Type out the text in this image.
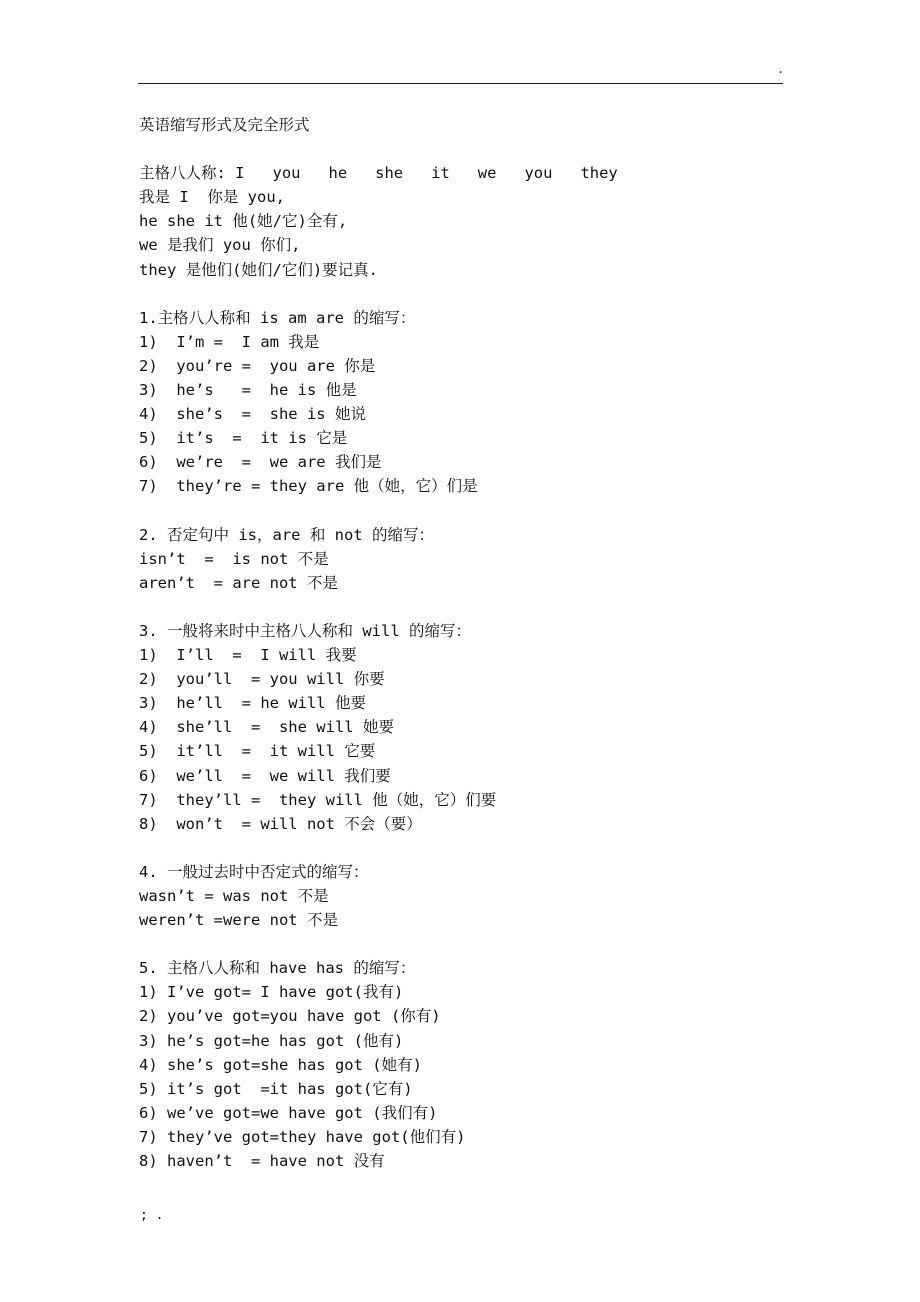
.
英语缩写形式及完全形式
主格八人称: I   you   he   she   it   we   you   they
我是 I  你是 you,
he she it 他(她/它)全有,
we 是我们 you 你们,
they 是他们(她们/它们)要记真.
1.主格八人称和 is am are 的缩写：
1)  I’m =  I am 我是
2)  you’re =  you are 你是
3)  he’s   =  he is 他是
4)  she’s  =  she is 她说
5)  it’s  =  it is 它是
6)  we’re  =  we are 我们是
7)  they’re = they are 他（她，它）们是
2. 否定句中 is，are 和 not 的缩写：
isn’t  =  is not 不是
aren’t  = are not 不是
3. 一般将来时中主格八人称和 will 的缩写：
1)  I’ll  =  I will 我要
2)  you’ll  = you will 你要
3)  he’ll  = he will 他要
4)  she’ll  =  she will 她要
5)  it’ll  =  it will 它要
6)  we’ll  =  we will 我们要
7)  they’ll =  they will 他（她，它）们要
8)  won’t  = will not 不会（要）
4. 一般过去时中否定式的缩写：
wasn’t = was not 不是
weren’t =were not 不是
5. 主格八人称和 have has 的缩写：
1) I’ve got= I have got(我有)
2) you’ve got=you have got (你有)
3) he’s got=he has got (他有)
4) she’s got=she has got (她有)
5) it’s got  =it has got(它有)
6) we’ve got=we have got (我们有)
7) they’ve got=they have got(他们有)
8) haven’t  = have not 没有
; .
